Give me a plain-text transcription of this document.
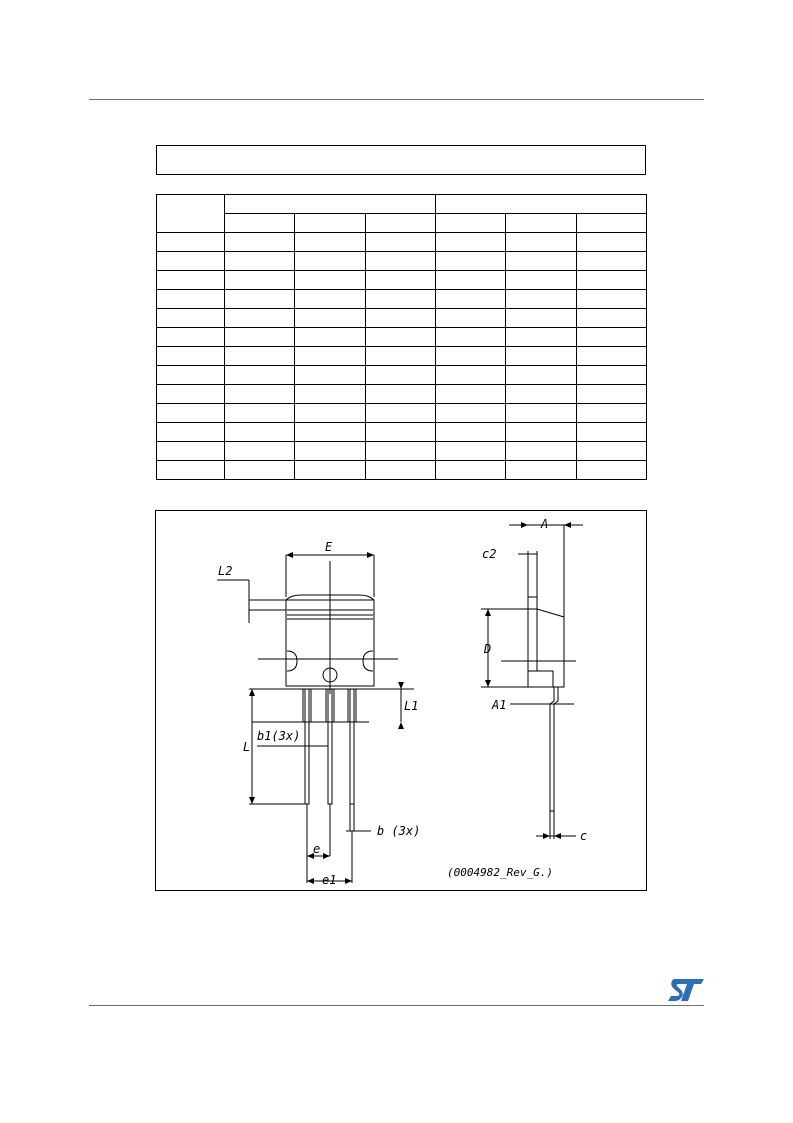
E
L2
L1
L
b1(3x)
b (3x)
e
e1
A
c2
D
A1
c
(0004982_Rev_G.)
